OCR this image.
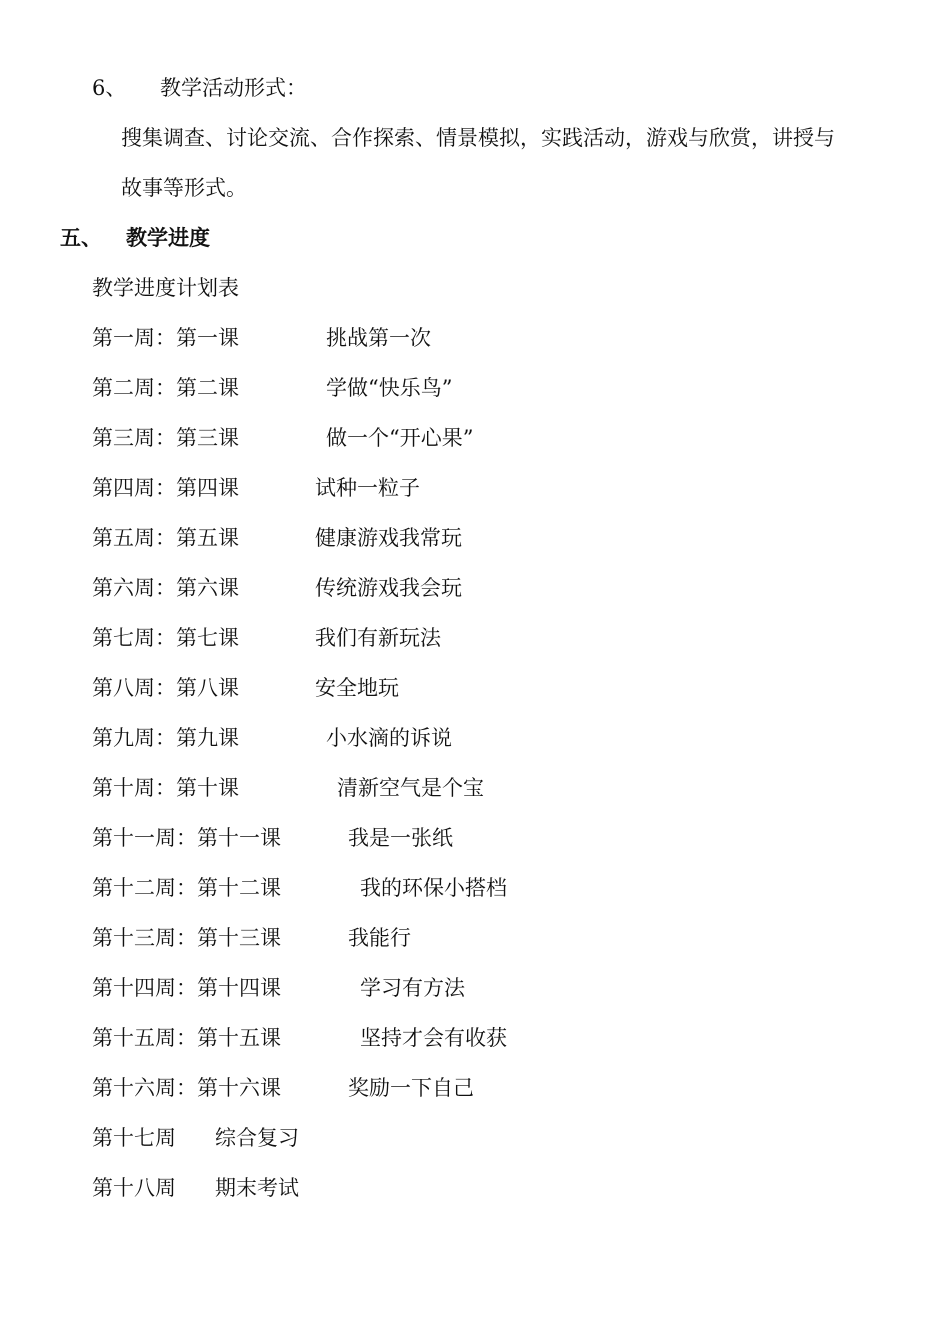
6、 教学活动形式：
搜集调查、讨论交流、合作探索、情景模拟，实践活动，游戏与欣赏，讲授与
故事等形式。
五、 教学进度
教学进度计划表
第一周：第一课	挑战第一次
第二周：第二课	学做“快乐鸟”
第三周：第三课	做一个“开心果”
第四周：第四课	试种一粒子
第五周：第五课	健康游戏我常玩
第六周：第六课	传统游戏我会玩
第七周：第七课	我们有新玩法
第八周：第八课	安全地玩
第九周：第九课	小水滴的诉说
第十周：第十课	清新空气是个宝
第十一周：第十一课	我是一张纸
第十二周：第十二课	我的环保小搭档
第十三周：第十三课	我能行
第十四周：第十四课	学习有方法
第十五周：第十五课	坚持才会有收获
第十六周：第十六课	奖励一下自己
第十七周 综合复习
第十八周 期末考试
